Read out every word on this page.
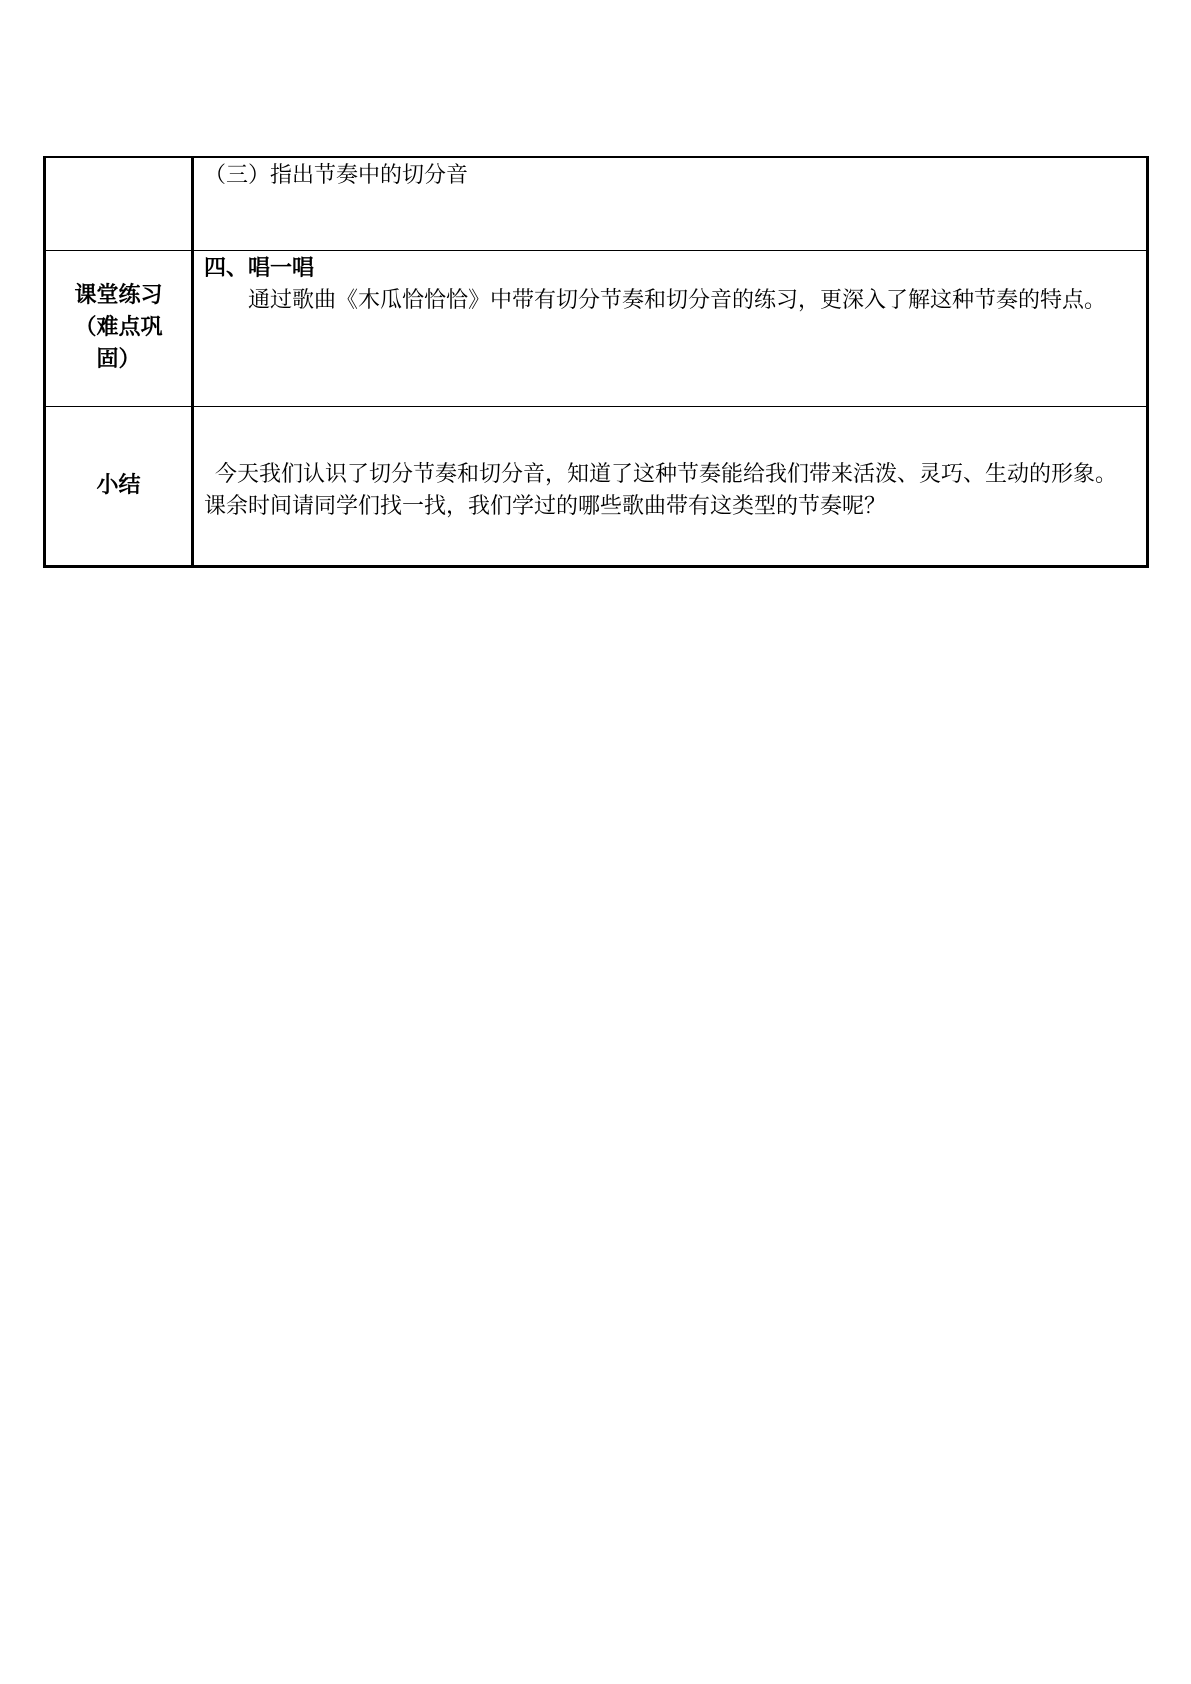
	（三）指出节奏中的切分音

课堂练习（难点巩固）	四、唱一唱

通过歌曲《木瓜恰恰恰》中带有切分节奏和切分音的练习，更深入了解这种节奏的特点。

小结	今天我们认识了切分节奏和切分音，知道了这种节奏能给我们带来活泼、灵巧、生动的形象。课余时间请同学们找一找，我们学过的哪些歌曲带有这类型的节奏呢？
